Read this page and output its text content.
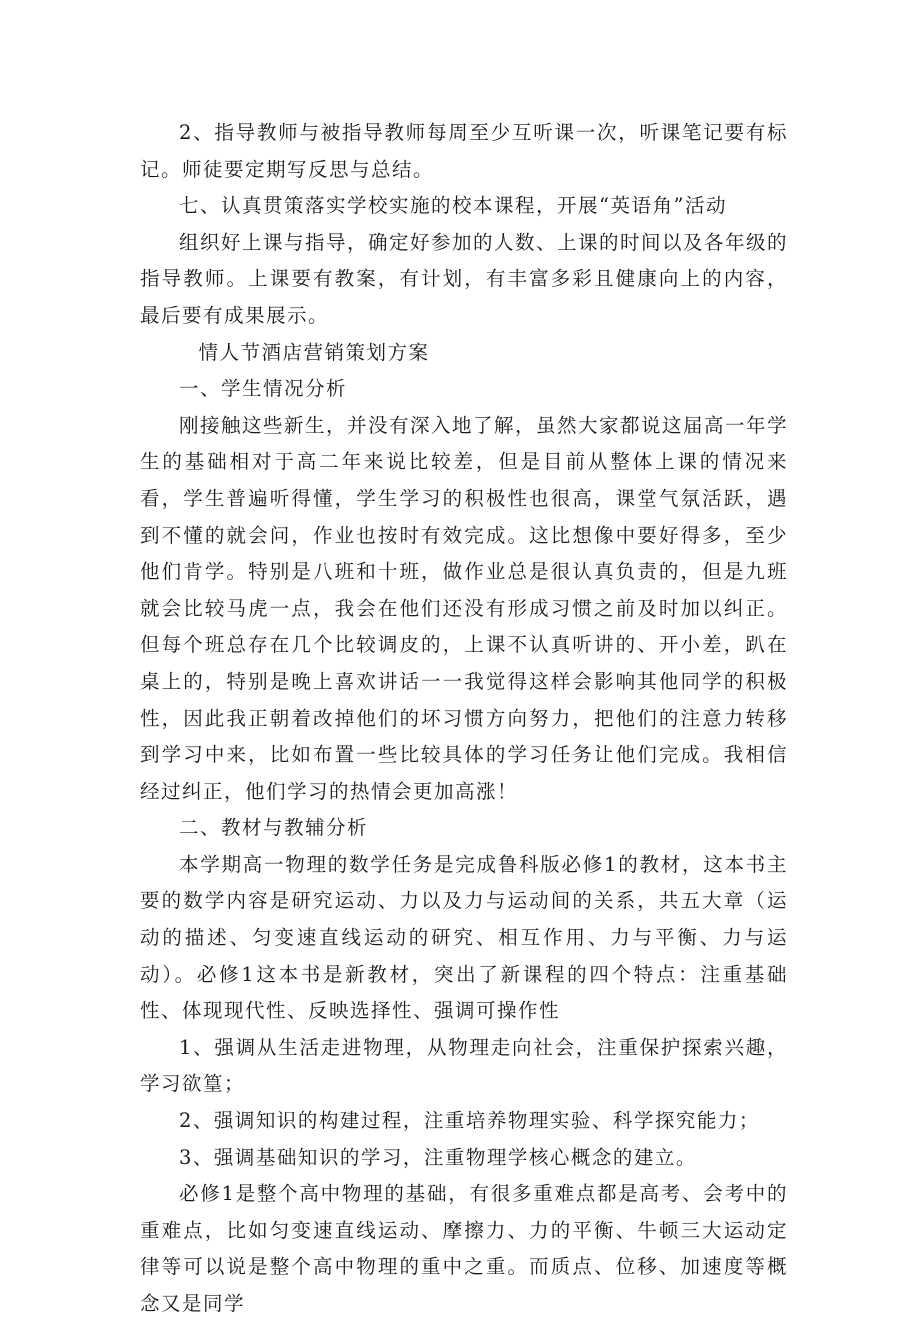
2、指导教师与被指导教师每周至少互听课一次，听课笔记要有标记。师徒要定期写反思与总结。

七、认真贯策落实学校实施的校本课程，开展“英语角”活动

组织好上课与指导，确定好参加的人数、上课的时间以及各年级的指导教师。上课要有教案，有计划，有丰富多彩且健康向上的内容，最后要有成果展示。

情人节酒店营销策划方案

一、学生情况分析

刚接触这些新生，并没有深入地了解，虽然大家都说这届高一年学生的基础相对于高二年来说比较差，但是目前从整体上课的情况来看，学生普遍听得懂，学生学习的积极性也很高，课堂气氛活跃，遇到不懂的就会问，作业也按时有效完成。这比想像中要好得多，至少他们肯学。特别是八班和十班，做作业总是很认真负责的，但是九班就会比较马虎一点，我会在他们还没有形成习惯之前及时加以纠正。但每个班总存在几个比较调皮的，上课不认真听讲的、开小差，趴在桌上的，特别是晚上喜欢讲话一一我觉得这样会影响其他同学的积极性，因此我正朝着改掉他们的坏习惯方向努力，把他们的注意力转移到学习中来，比如布置一些比较具体的学习任务让他们完成。我相信经过纠正，他们学习的热情会更加高涨！

二、教材与教辅分析

本学期高一物理的数学任务是完成鲁科版必修1的教材，这本书主要的数学内容是研究运动、力以及力与运动间的关系，共五大章（运动的描述、匀变速直线运动的研究、相互作用、力与平衡、力与运动）。必修1这本书是新教材，突出了新课程的四个特点：注重基础性、体现现代性、反映选择性、强调可操作性

1、强调从生活走进物理，从物理走向社会，注重保护探索兴趣，学习欲篁；

2、强调知识的构建过程，注重培养物理实验、科学探究能力；

3、强调基础知识的学习，注重物理学核心概念的建立。

必修1是整个高中物理的基础，有很多重难点都是高考、会考中的重难点，比如匀变速直线运动、摩擦力、力的平衡、牛顿三大运动定律等可以说是整个高中物理的重中之重。而质点、位移、加速度等概念又是同学
